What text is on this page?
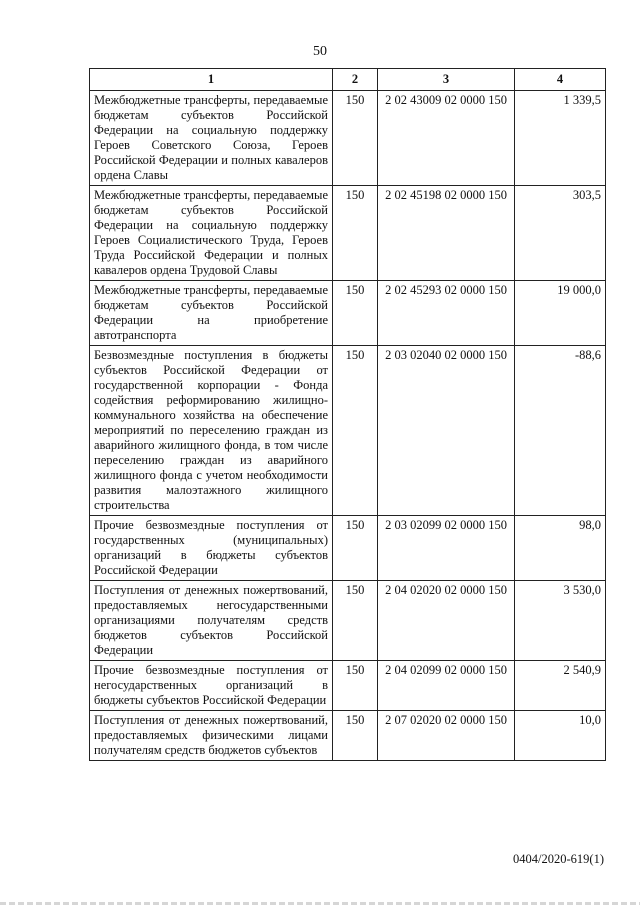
50
1	2	3	4
Межбюджетные трансферты, передаваемые бюджетам субъектов Российской Федерации на социальную поддержку Героев Советского Союза, Героев Российской Федерации и полных кавалеров ордена Славы	150	2 02 43009 02 0000 150	1 339,5
Межбюджетные трансферты, передаваемые бюджетам субъектов Российской Федерации на социальную поддержку Героев Социалистического Труда, Героев Труда Российской Федерации и полных кавалеров ордена Трудовой Славы	150	2 02 45198 02 0000 150	303,5
Межбюджетные трансферты, передаваемые бюджетам субъектов Российской Федерации на приобретение автотранспорта	150	2 02 45293 02 0000 150	19 000,0
Безвозмездные поступления в бюджеты субъектов Российской Федерации от государственной корпорации - Фонда содействия реформированию жилищно-коммунального хозяйства на обеспечение мероприятий по переселению граждан из аварийного жилищного фонда, в том числе переселению граждан из аварийного жилищного фонда с учетом необходимости развития малоэтажного жилищного строительства	150	2 03 02040 02 0000 150	-88,6
Прочие безвозмездные поступления от государственных (муниципальных) организаций в бюджеты субъектов Российской Федерации	150	2 03 02099 02 0000 150	98,0
Поступления от денежных пожертвований, предоставляемых негосударственными организациями получателям средств бюджетов субъектов Российской Федерации	150	2 04 02020 02 0000 150	3 530,0
Прочие безвозмездные поступления от негосударственных организаций в бюджеты субъектов Российской Федерации	150	2 04 02099 02 0000 150	2 540,9
Поступления от денежных пожертвований, предоставляемых физическими лицами получателям средств бюджетов субъектов	150	2 07 02020 02 0000 150	10,0
0404/2020-619(1)
